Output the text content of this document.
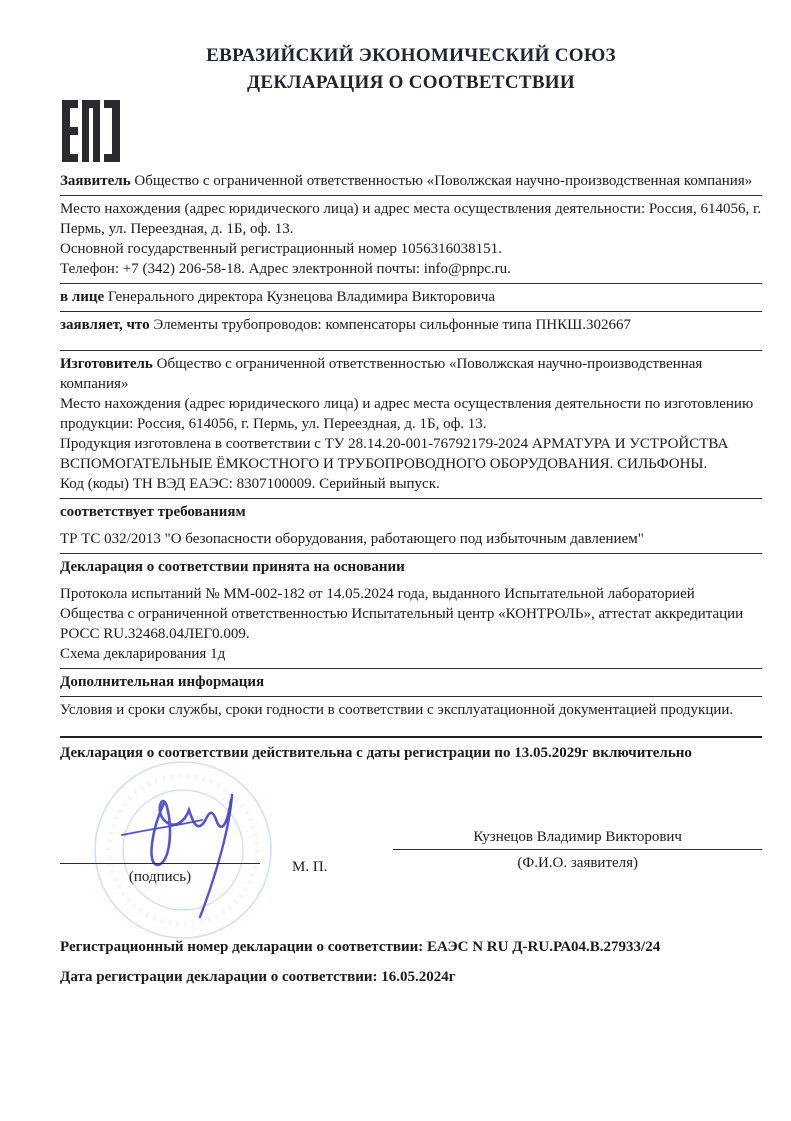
ЕВРАЗИЙСКИЙ ЭКОНОМИЧЕСКИЙ СОЮЗ
ДЕКЛАРАЦИЯ О СООТВЕТСТВИИ
Заявитель Общество с ограниченной ответственностью «Поволжская научно-производственная компания»
Место нахождения (адрес юридического лица) и адрес места осуществления деятельности: Россия, 614056, г. Пермь, ул. Переездная, д. 1Б, оф. 13.
Основной государственный регистрационный номер 1056316038151.
Телефон: +7 (342) 206-58-18. Адрес электронной почты: info@pnpc.ru.
в лице Генерального директора Кузнецова Владимира Викторовича
заявляет, что Элементы трубопроводов: компенсаторы сильфонные типа ПНКШ.302667
Изготовитель Общество с ограниченной ответственностью «Поволжская научно-производственная компания»
Место нахождения (адрес юридического лица) и адрес места осуществления деятельности по изготовлению продукции: Россия, 614056, г. Пермь, ул. Переездная, д. 1Б, оф. 13.
Продукция изготовлена в соответствии с ТУ 28.14.20-001-76792179-2024 АРМАТУРА И УСТРОЙСТВА ВСПОМОГАТЕЛЬНЫЕ ЁМКОСТНОГО И ТРУБОПРОВОДНОГО ОБОРУДОВАНИЯ. СИЛЬФОНЫ.
Код (коды) ТН ВЭД ЕАЭС: 8307100009. Серийный выпуск.
соответствует требованиям
ТР ТС 032/2013 "О безопасности оборудования, работающего под избыточным давлением"
Декларация о соответствии принята на основании
Протокола испытаний № ММ-002-182 от 14.05.2024 года, выданного Испытательной лабораторией Общества с ограниченной ответственностью Испытательный центр «КОНТРОЛЬ», аттестат аккредитации РОСС RU.32468.04ЛЕГ0.009.
Схема декларирования 1д
Дополнительная информация
Условия и сроки службы, сроки годности в соответствии с эксплуатационной документацией продукции.
Декларация о соответствии действительна с даты регистрации по 13.05.2029г включительно
(подпись)
М. П.
Кузнецов Владимир Викторович
(Ф.И.О. заявителя)
Регистрационный номер декларации о соответствии: ЕАЭС N RU Д-RU.РА04.В.27933/24
Дата регистрации декларации о соответствии: 16.05.2024г
